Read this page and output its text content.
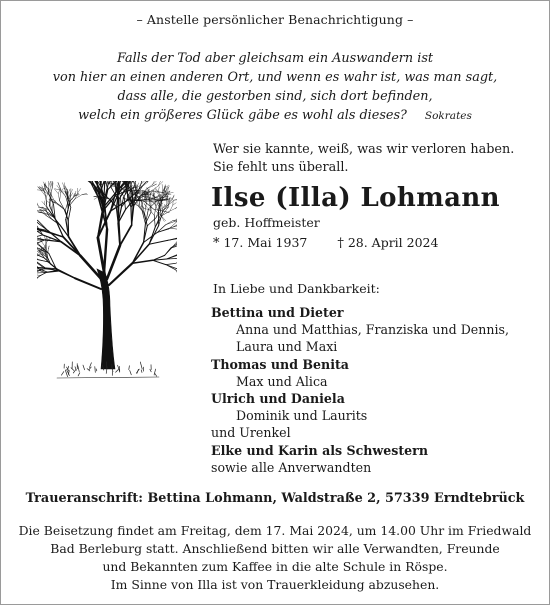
– Anstelle persönlicher Benachrichtigung –
Falls der Tod aber gleichsam ein Auswandern ist
von hier an einen anderen Ort, und wenn es wahr ist, was man sagt,
dass alle, die gestorben sind, sich dort befinden,
welch ein größeres Glück gäbe es wohl als dieses? Sokrates
Wer sie kannte, weiß, was wir verloren haben.
Sie fehlt uns überall.
Ilse (Illa) Lohmann
geb. Hoffmeister
* 17. Mai 1937 † 28. April 2024
In Liebe und Dankbarkeit:
Bettina und Dieter
Anna und Matthias, Franziska und Dennis,
Laura und Maxi
Thomas und Benita
Max und Alica
Ulrich und Daniela
Dominik und Laurits
und Urenkel
Elke und Karin als Schwestern
sowie alle Anverwandten
Traueranschrift: Bettina Lohmann, Waldstraße 2, 57339 Erndtebrück
Die Beisetzung findet am Freitag, dem 17. Mai 2024, um 14.00 Uhr im Friedwald
Bad Berleburg statt. Anschließend bitten wir alle Verwandten, Freunde
und Bekannten zum Kaffee in die alte Schule in Röspe.
Im Sinne von Illa ist von Trauerkleidung abzusehen.
